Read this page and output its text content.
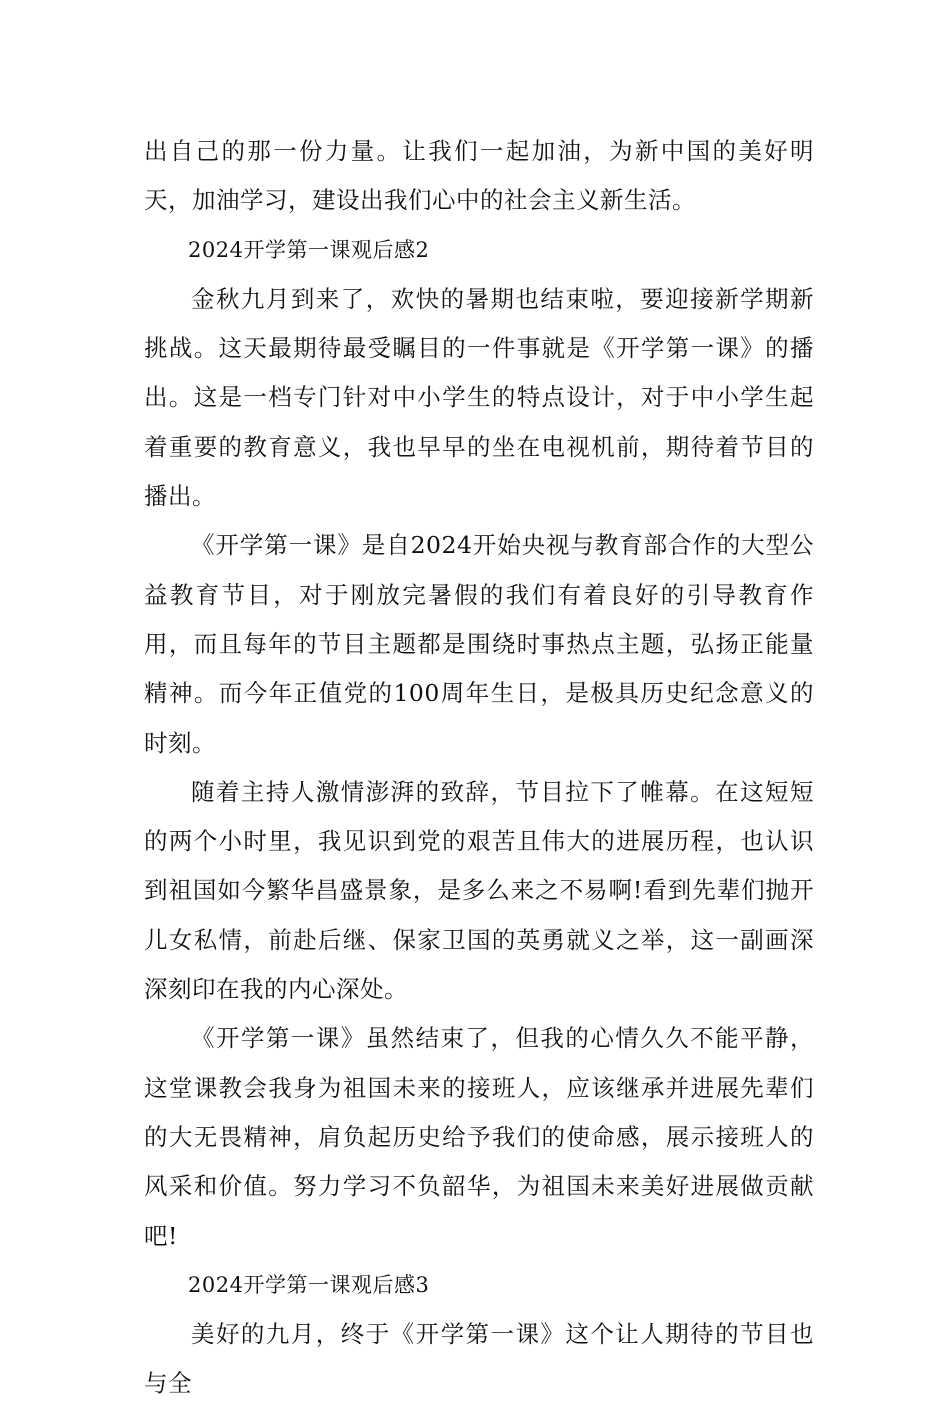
出自己的那一份力量。让我们一起加油，为新中国的美好明天，加油学习，建设出我们心中的社会主义新生活。

2024开学第一课观后感2

金秋九月到来了，欢快的暑期也结束啦，要迎接新学期新挑战。这天最期待最受瞩目的一件事就是《开学第一课》的播出。这是一档专门针对中小学生的特点设计，对于中小学生起着重要的教育意义，我也早早的坐在电视机前，期待着节目的播出。

《开学第一课》是自2024开始央视与教育部合作的大型公益教育节目，对于刚放完暑假的我们有着良好的引导教育作用，而且每年的节目主题都是围绕时事热点主题，弘扬正能量精神。而今年正值党的100周年生日，是极具历史纪念意义的时刻。

随着主持人激情澎湃的致辞，节目拉下了帷幕。在这短短的两个小时里，我见识到党的艰苦且伟大的进展历程，也认识到祖国如今繁华昌盛景象，是多么来之不易啊!看到先辈们抛开儿女私情，前赴后继、保家卫国的英勇就义之举，这一副画深深刻印在我的内心深处。

《开学第一课》虽然结束了，但我的心情久久不能平静，这堂课教会我身为祖国未来的接班人，应该继承并进展先辈们的大无畏精神，肩负起历史给予我们的使命感，展示接班人的风采和价值。努力学习不负韶华，为祖国未来美好进展做贡献吧!

2024开学第一课观后感3

美好的九月，终于《开学第一课》这个让人期待的节目也与全
